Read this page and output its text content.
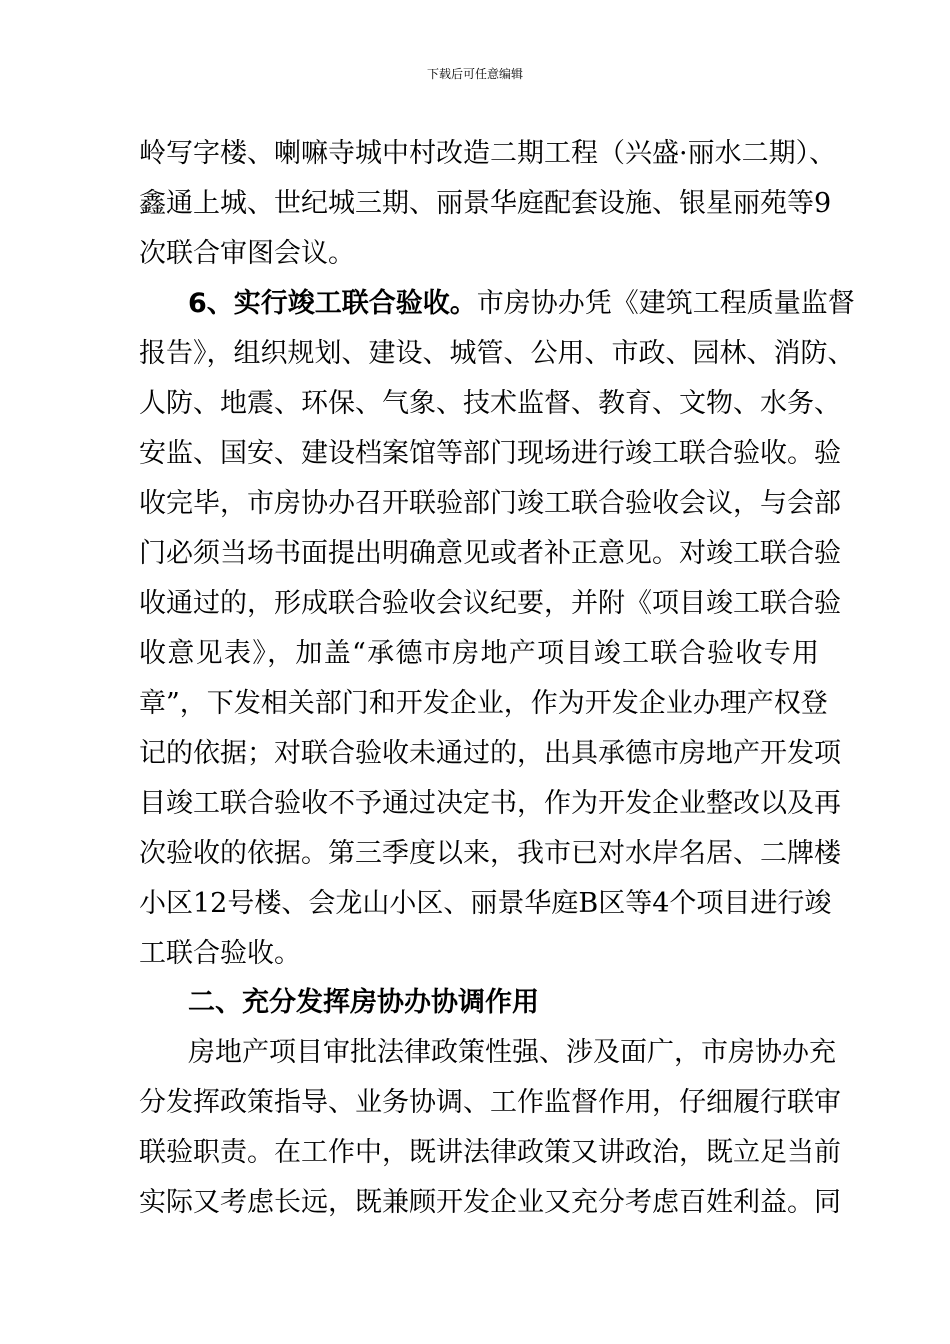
下载后可任意编辑
岭写字楼、喇嘛寺城中村改造二期工程（兴盛·丽水二期）、
鑫通上城、世纪城三期、丽景华庭配套设施、银星丽苑等9
次联合审图会议。
6、实行竣工联合验收。市房协办凭《建筑工程质量监督
报告》，组织规划、建设、城管、公用、市政、园林、消防、
人防、地震、环保、气象、技术监督、教育、文物、水务、
安监、国安、建设档案馆等部门现场进行竣工联合验收。验
收完毕，市房协办召开联验部门竣工联合验收会议，与会部
门必须当场书面提出明确意见或者补正意见。对竣工联合验
收通过的，形成联合验收会议纪要，并附《项目竣工联合验
收意见表》，加盖“承德市房地产项目竣工联合验收专用
章”，下发相关部门和开发企业，作为开发企业办理产权登
记的依据；对联合验收未通过的，出具承德市房地产开发项
目竣工联合验收不予通过决定书，作为开发企业整改以及再
次验收的依据。第三季度以来，我市已对水岸名居、二牌楼
小区12号楼、会龙山小区、丽景华庭B区等4个项目进行竣
工联合验收。
二、充分发挥房协办协调作用
房地产项目审批法律政策性强、涉及面广，市房协办充
分发挥政策指导、业务协调、工作监督作用，仔细履行联审
联验职责。在工作中，既讲法律政策又讲政治，既立足当前
实际又考虑长远，既兼顾开发企业又充分考虑百姓利益。同
